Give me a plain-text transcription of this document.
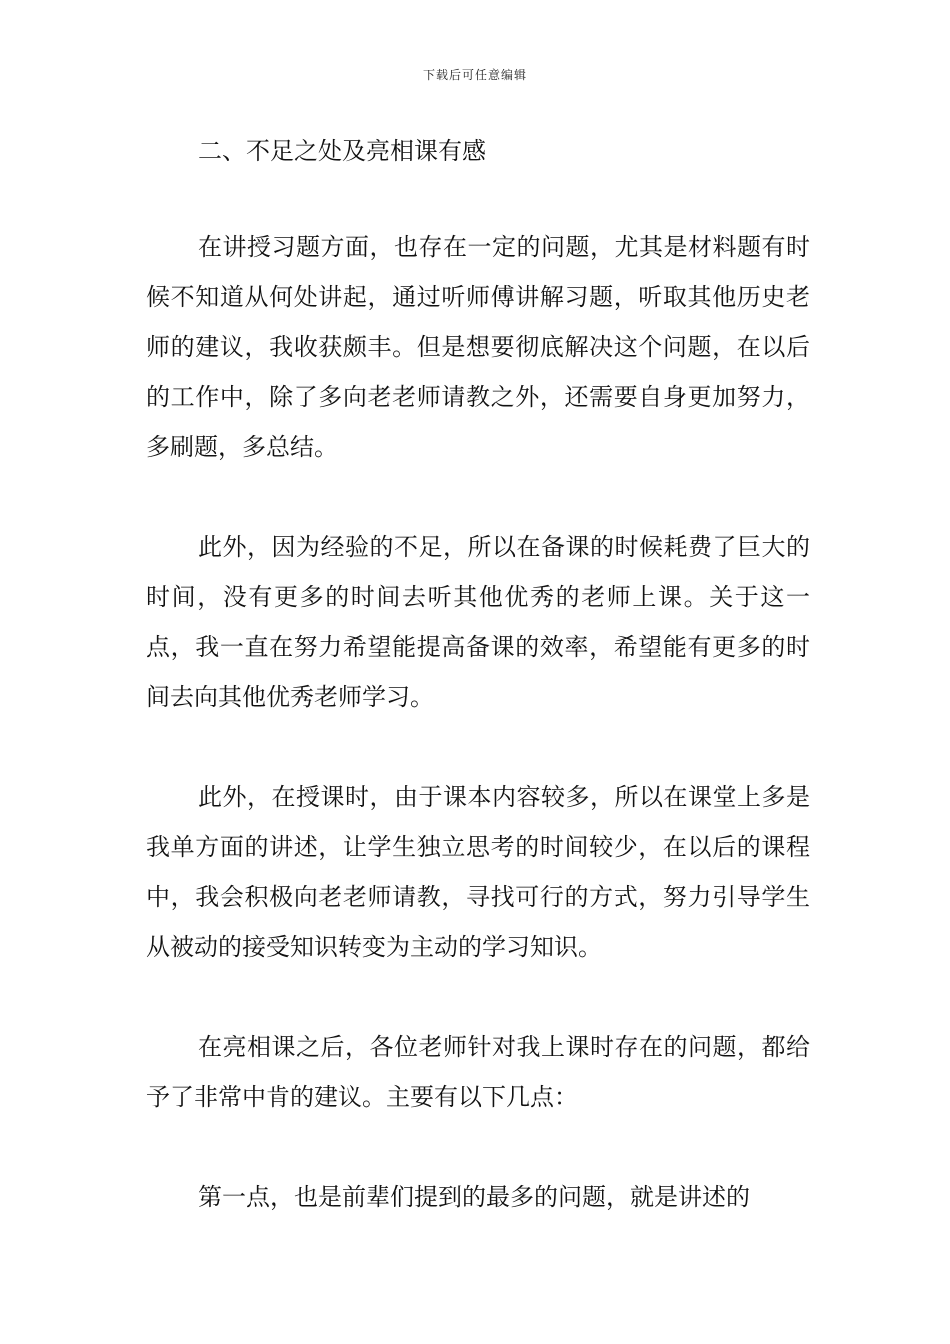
下载后可任意编辑
二、不足之处及亮相课有感

在讲授习题方面，也存在一定的问题，尤其是材料题有时候不知道从何处讲起，通过听师傅讲解习题，听取其他历史老师的建议，我收获颇丰。但是想要彻底解决这个问题，在以后的工作中，除了多向老老师请教之外，还需要自身更加努力，多刷题，多总结。

此外，因为经验的不足，所以在备课的时候耗费了巨大的时间，没有更多的时间去听其他优秀的老师上课。关于这一点，我一直在努力希望能提高备课的效率，希望能有更多的时间去向其他优秀老师学习。

此外，在授课时，由于课本内容较多，所以在课堂上多是我单方面的讲述，让学生独立思考的时间较少，在以后的课程中，我会积极向老老师请教，寻找可行的方式，努力引导学生从被动的接受知识转变为主动的学习知识。

在亮相课之后，各位老师针对我上课时存在的问题，都给予了非常中肯的建议。主要有以下几点：

第一点，也是前辈们提到的最多的问题，就是讲述的
